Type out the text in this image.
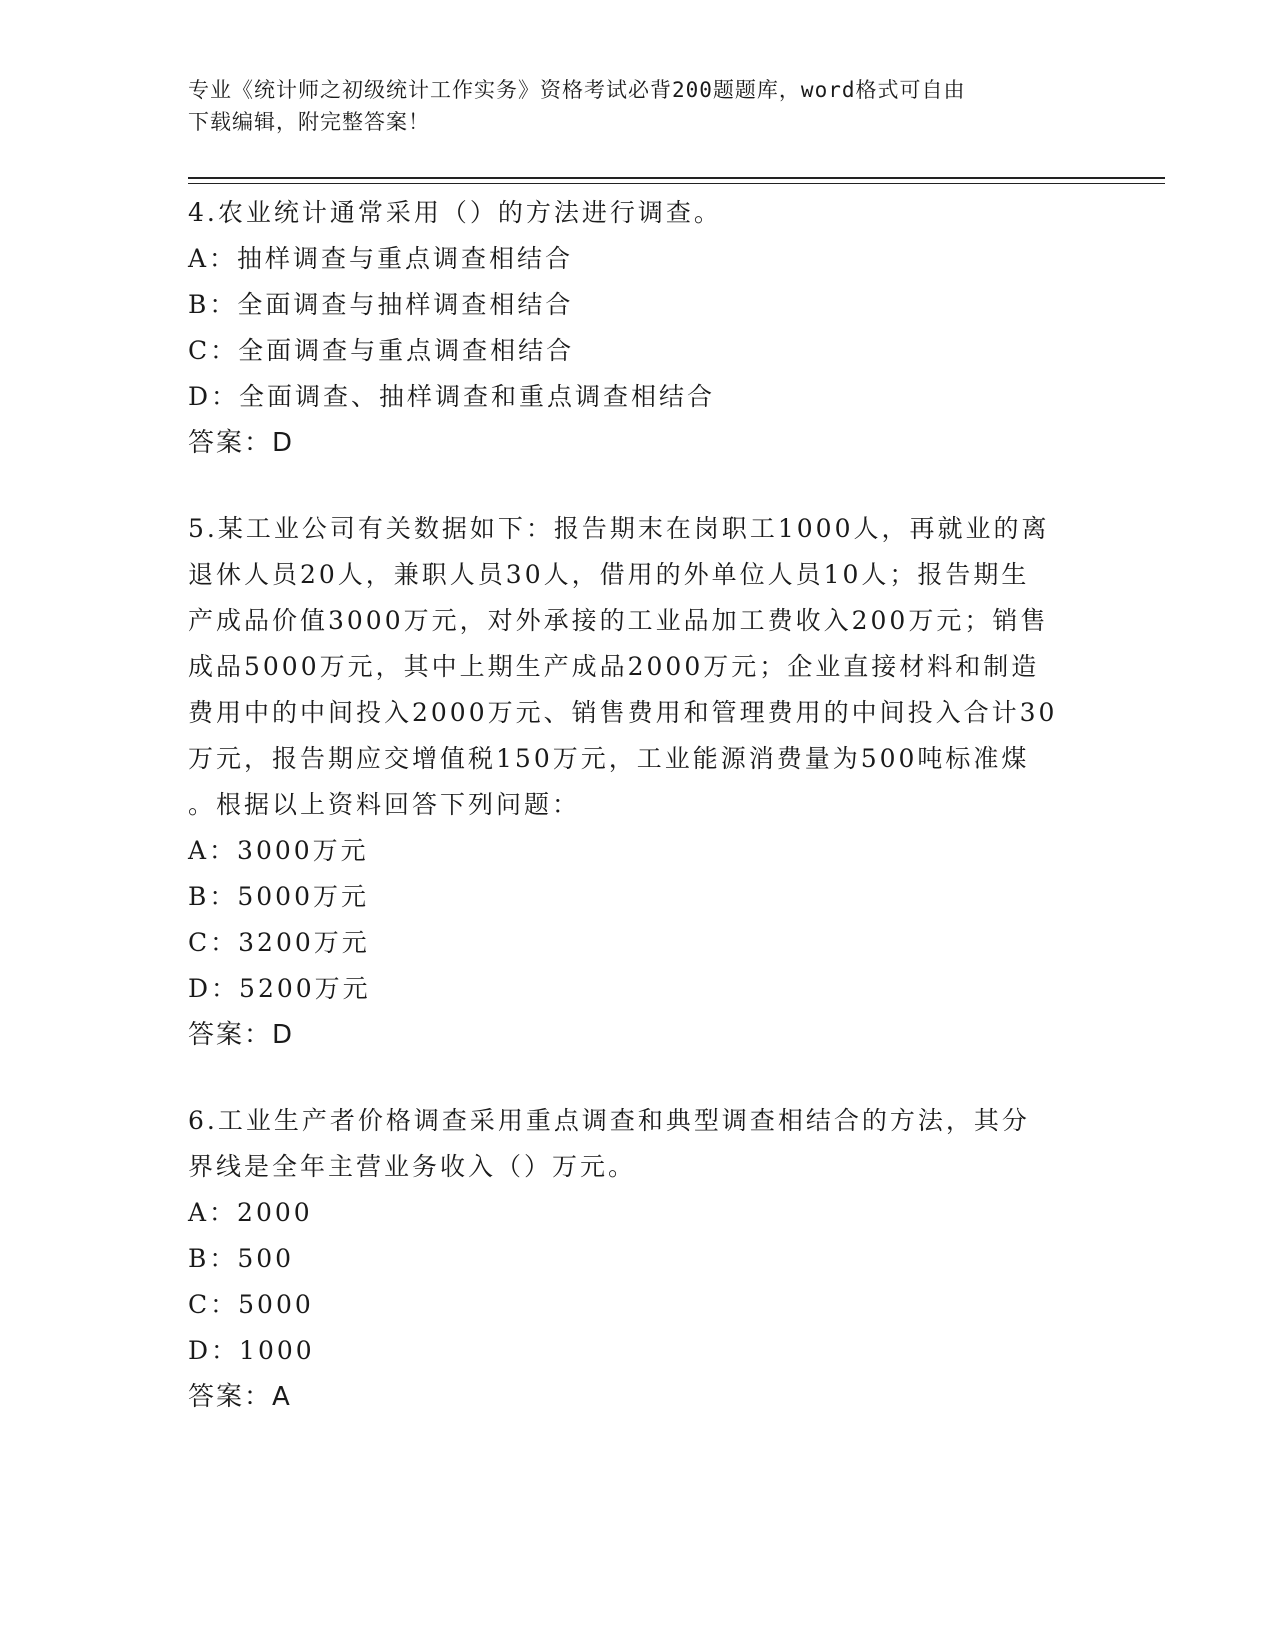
专业《统计师之初级统计工作实务》资格考试必背200题题库，word格式可自由
下载编辑，附完整答案！
4.农业统计通常采用（）的方法进行调查。
A：抽样调查与重点调查相结合
B：全面调查与抽样调查相结合
C：全面调查与重点调查相结合
D：全面调查、抽样调查和重点调查相结合
答案：D
5.某工业公司有关数据如下：报告期末在岗职工1000人，再就业的离
退休人员20人，兼职人员30人，借用的外单位人员10人；报告期生
产成品价值3000万元，对外承接的工业品加工费收入200万元；销售
成品5000万元，其中上期生产成品2000万元；企业直接材料和制造
费用中的中间投入2000万元、销售费用和管理费用的中间投入合计30
万元，报告期应交增值税150万元，工业能源消费量为500吨标准煤
。根据以上资料回答下列问题：
A：3000万元
B：5000万元
C：3200万元
D：5200万元
答案：D
6.工业生产者价格调查采用重点调查和典型调查相结合的方法，其分
界线是全年主营业务收入（）万元。
A：2000
B：500
C：5000
D：1000
答案：A
